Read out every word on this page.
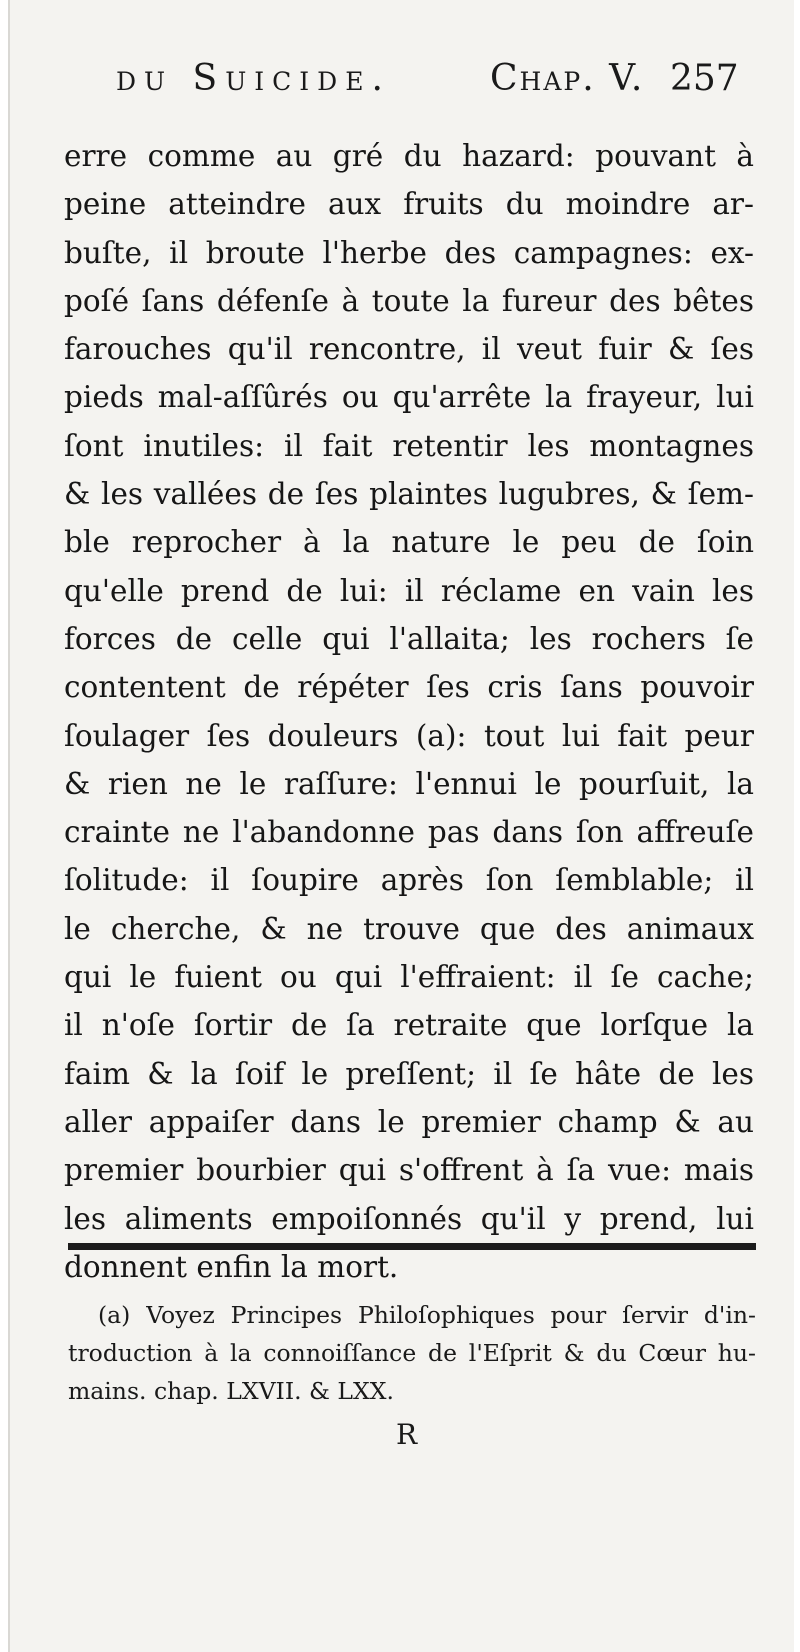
du Suicide.	Chap. V. 257
erre comme au gré du hazard: pouvant à
peine atteindre aux fruits du moindre ar-
buſte, il broute l'herbe des campagnes: ex-
poſé ſans défenſe à toute la fureur des bêtes
farouches qu'il rencontre, il veut fuir & ſes
pieds mal-aſſûrés ou qu'arrête la frayeur, lui
ſont inutiles: il fait retentir les montagnes
& les vallées de ſes plaintes lugubres, & ſem-
ble reprocher à la nature le peu de ſoin
qu'elle prend de lui: il réclame en vain les
forces de celle qui l'allaita; les rochers ſe
contentent de répéter ſes cris ſans pouvoir
ſoulager ſes douleurs (a): tout lui fait peur
& rien ne le raſſure: l'ennui le pourſuit, la
crainte ne l'abandonne pas dans ſon affreuſe
ſolitude: il ſoupire après ſon ſemblable; il
le cherche, & ne trouve que des animaux
qui le fuient ou qui l'effraient: il ſe cache;
il n'oſe ſortir de ſa retraite que lorſque la
faim & la ſoif le preſſent; il ſe hâte de les
aller appaiſer dans le premier champ & au
premier bourbier qui s'offrent à ſa vue: mais
les aliments empoiſonnés qu'il y prend, lui
donnent enfin la mort.
(a) Voyez Principes Philoſophiques pour ſervir d'in-
troduction à la connoiſſance de l'Eſprit & du Cœur hu-
mains. chap. LXVII. & LXX.
R
